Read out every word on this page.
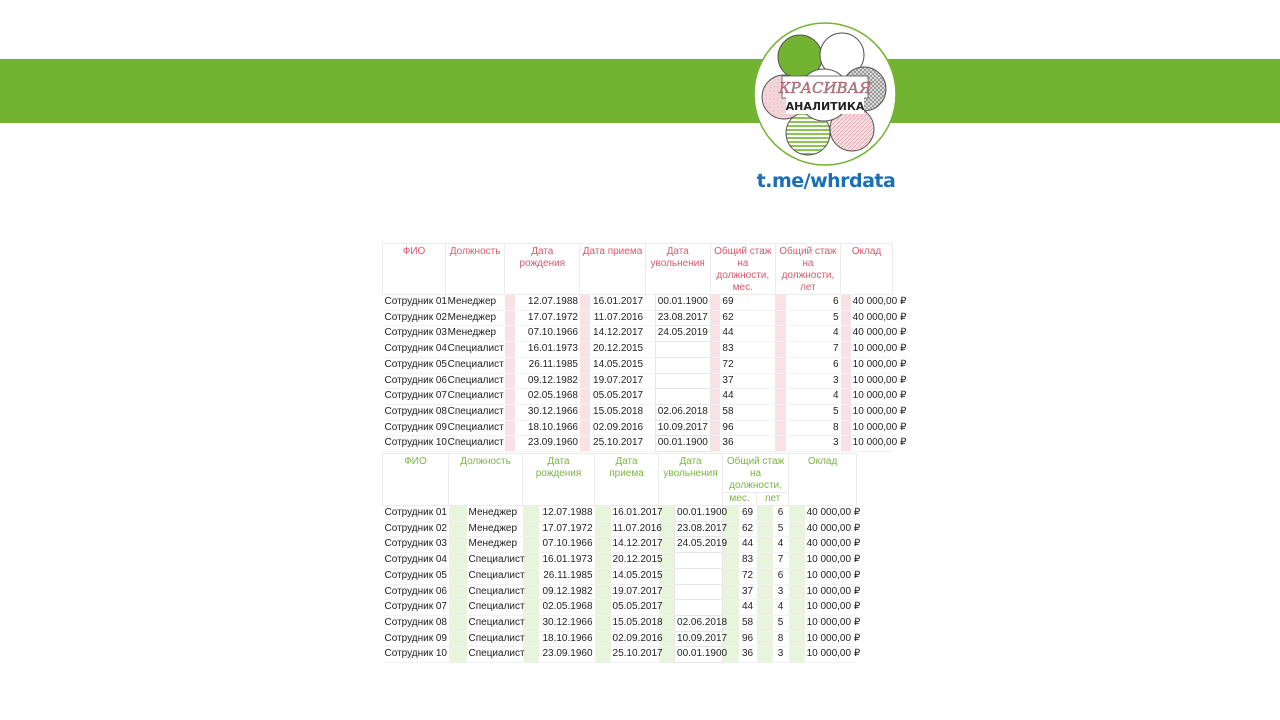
КРАСИВАЯ
АНАЛИТИКА
t.me/whrdata
ФИО	Должность	Дата рождения		Дата приема		Дата увольнения		Общий стаж на должности, мес.		Общий стаж на должности, лет		Оклад	
Сотрудник 01	Менеджер		12.07.1988		16.01.2017		00.01.1900		69		6		40 000,00 ₽
Сотрудник 02	Менеджер		17.07.1972		11.07.2016		23.08.2017		62		5		40 000,00 ₽
Сотрудник 03	Менеджер		07.10.1966		14.12.2017		24.05.2019		44		4		40 000,00 ₽
Сотрудник 04	Специалист		16.01.1973		20.12.2015				83		7		10 000,00 ₽
Сотрудник 05	Специалист		26.11.1985		14.05.2015				72		6		10 000,00 ₽
Сотрудник 06	Специалист		09.12.1982		19.07.2017				37		3		10 000,00 ₽
Сотрудник 07	Специалист		02.05.1968		05.05.2017				44		4		10 000,00 ₽
Сотрудник 08	Специалист		30.12.1966		15.05.2018		02.06.2018		58		5		10 000,00 ₽
Сотрудник 09	Специалист		18.10.1966		02.09.2016		10.09.2017		96		8		10 000,00 ₽
Сотрудник 10	Специалист		23.09.1960		25.10.2017		00.01.1900		36		3		10 000,00 ₽
ФИО	Должность		Дата рождения		Дата приема		Дата увольнения		Общий стаж на должности,				Оклад	
									мес.		лет			
Сотрудник 01		Менеджер		12.07.1988		16.01.2017		00.01.1900		69		6		40 000,00 ₽
Сотрудник 02		Менеджер		17.07.1972		11.07.2016		23.08.2017		62		5		40 000,00 ₽
Сотрудник 03		Менеджер		07.10.1966		14.12.2017		24.05.2019		44		4		40 000,00 ₽
Сотрудник 04		Специалист		16.01.1973		20.12.2015				83		7		10 000,00 ₽
Сотрудник 05		Специалист		26.11.1985		14.05.2015				72		6		10 000,00 ₽
Сотрудник 06		Специалист		09.12.1982		19.07.2017				37		3		10 000,00 ₽
Сотрудник 07		Специалист		02.05.1968		05.05.2017				44		4		10 000,00 ₽
Сотрудник 08		Специалист		30.12.1966		15.05.2018		02.06.2018		58		5		10 000,00 ₽
Сотрудник 09		Специалист		18.10.1966		02.09.2016		10.09.2017		96		8		10 000,00 ₽
Сотрудник 10		Специалист		23.09.1960		25.10.2017		00.01.1900		36		3		10 000,00 ₽
